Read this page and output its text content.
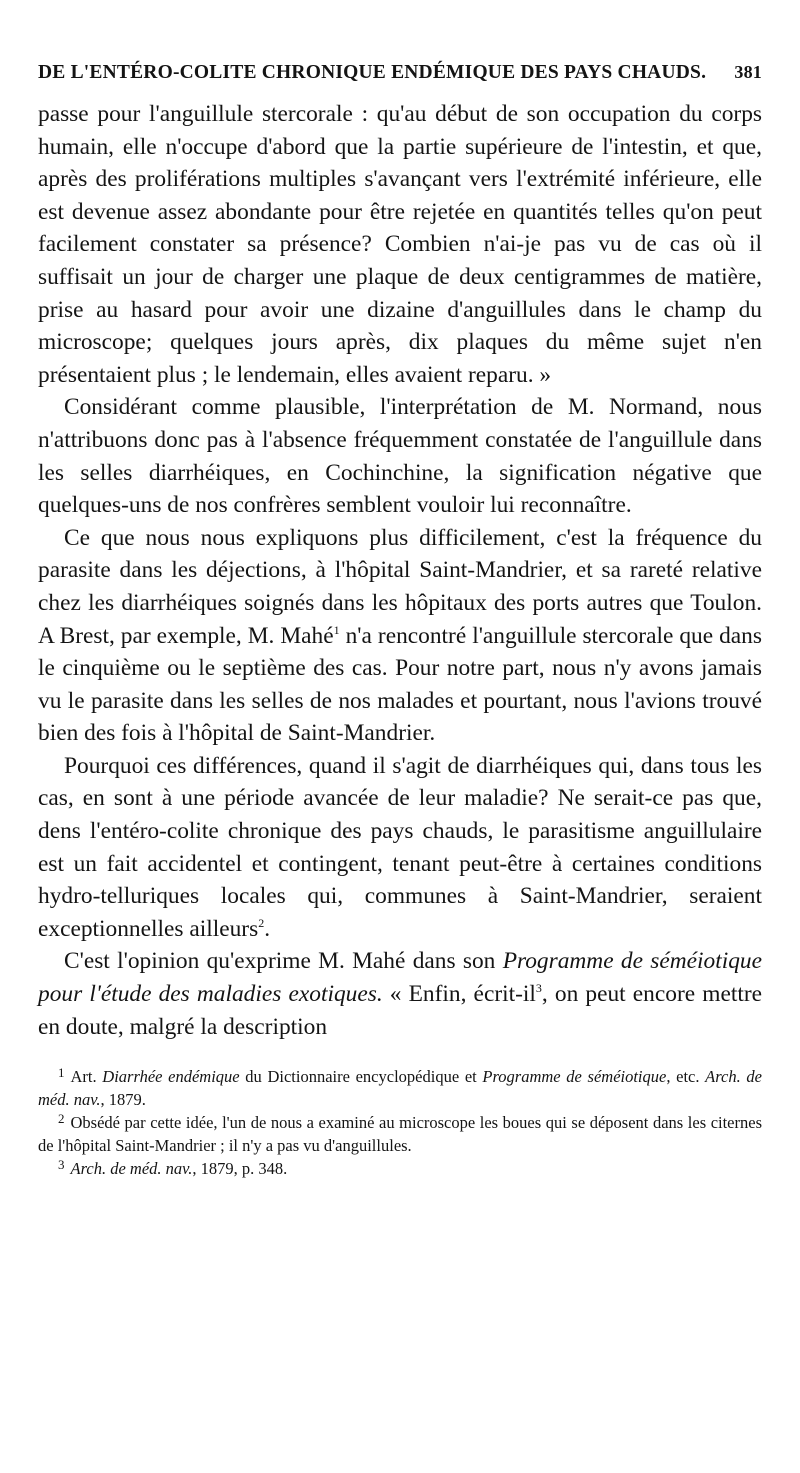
DE L'ENTÉRO-COLITE CHRONIQUE ENDÉMIQUE DES PAYS CHAUDS. 381

passe pour l'anguillule stercorale : qu'au début de son occupation du corps humain, elle n'occupe d'abord que la partie supérieure de l'intestin, et que, après des proliférations multiples s'avançant vers l'extrémité inférieure, elle est devenue assez abondante pour être rejetée en quantités telles qu'on peut facilement constater sa présence? Combien n'ai-je pas vu de cas où il suffisait un jour de charger une plaque de deux centigrammes de matière, prise au hasard pour avoir une dizaine d'anguillules dans le champ du microscope; quelques jours après, dix plaques du même sujet n'en présentaient plus ; le lendemain, elles avaient reparu. »

Considérant comme plausible, l'interprétation de M. Normand, nous n'attribuons donc pas à l'absence fréquemment constatée de l'anguillule dans les selles diarrhéiques, en Cochinchine, la signification négative que quelques-uns de nos confrères semblent vouloir lui reconnaître.

Ce que nous nous expliquons plus difficilement, c'est la fréquence du parasite dans les déjections, à l'hôpital Saint-Mandrier, et sa rareté relative chez les diarrhéiques soignés dans les hôpitaux des ports autres que Toulon. A Brest, par exemple, M. Mahé$^1$ n'a rencontré l'anguillule stercorale que dans le cinquième ou le septième des cas. Pour notre part, nous n'y avons jamais vu le parasite dans les selles de nos malades et pourtant, nous l'avions trouvé bien des fois à l'hôpital de Saint-Mandrier.

Pourquoi ces différences, quand il s'agit de diarrhéiques qui, dans tous les cas, en sont à une période avancée de leur maladie? Ne serait-ce pas que, dens l'entéro-colite chronique des pays chauds, le parasitisme anguillulaire est un fait accidentel et contingent, tenant peut-être à certaines conditions hydro-telluriques locales qui, communes à Saint-Mandrier, seraient exceptionnelles ailleurs$^2$.

C'est l'opinion qu'exprime M. Mahé dans son Programme de séméiotique pour l'étude des maladies exotiques. « Enfin, écrit-$il^3$, on peut encore mettre en doute, malgré la description

$^1$ Art. Diarrhée endémique du Dictionnaire encyclopédique et Programme de séméiotique, etc. Arch. de méd. nav., 1879.

$^2$ Obsédé par cette idée, l'un de nous a examiné au microscope les boues qui se déposent dans les citernes de l'hôpital Saint-Mandrier ; il n'y a pas vu d'anguillules.

$^3$ Arch. de méd. nav., 1879, p. 348.
